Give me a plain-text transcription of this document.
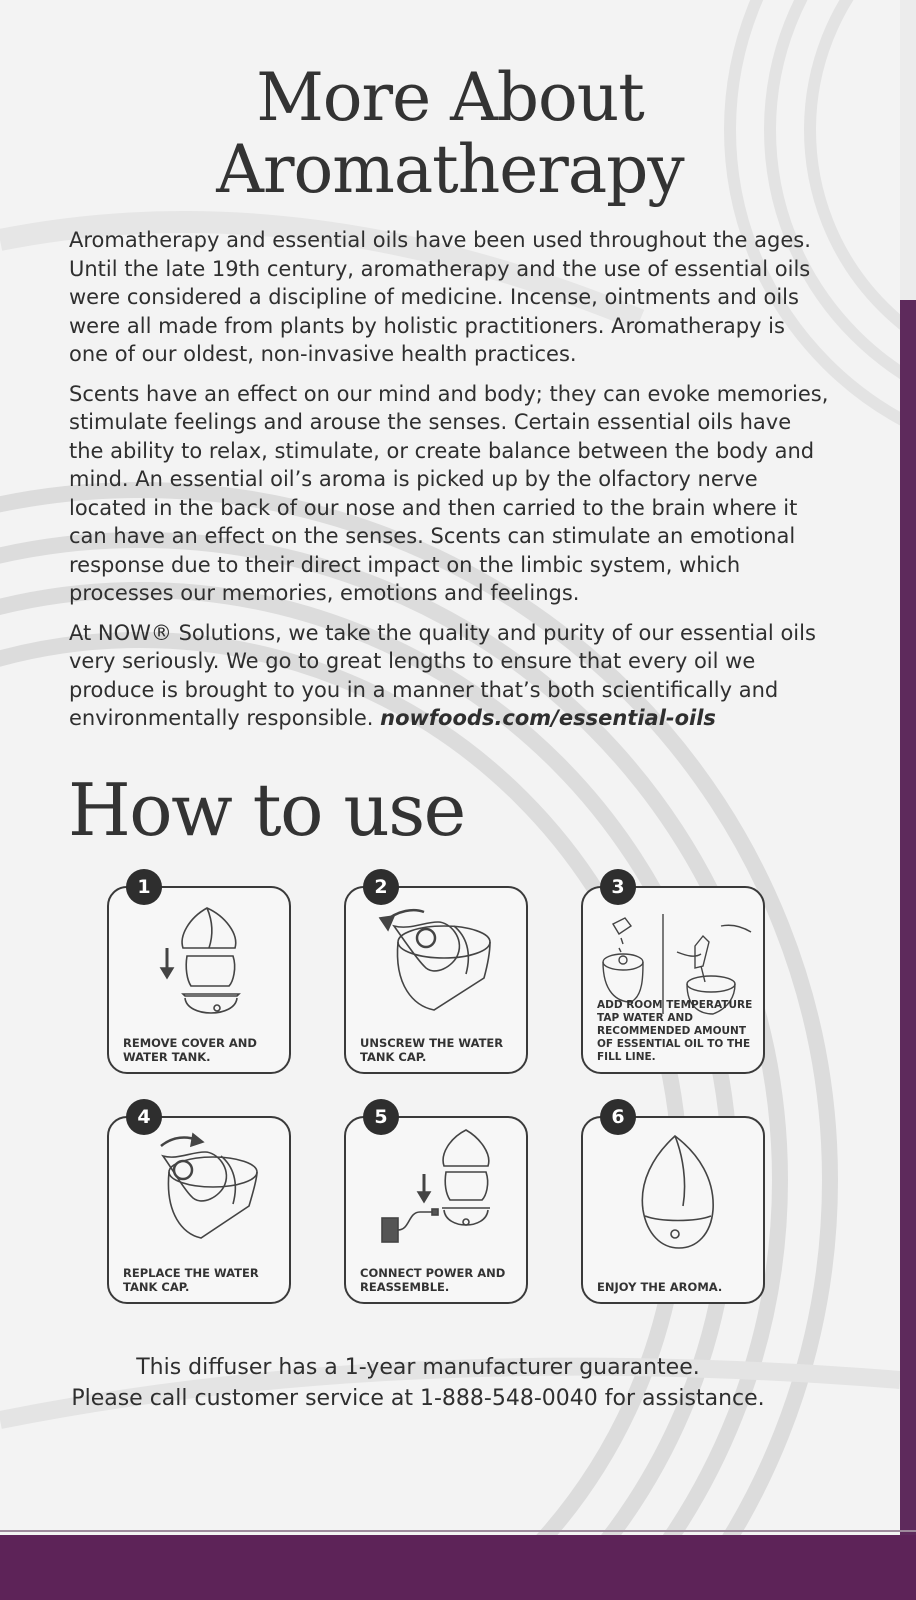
More About
Aromatherapy

Aromatherapy and essential oils have been used throughout the ages. Until the late 19th century, aromatherapy and the use of essential oils were considered a discipline of medicine. Incense, ointments and oils were all made from plants by holistic practitioners. Aromatherapy is one of our oldest, non-invasive health practices.

Scents have an effect on our mind and body; they can evoke memories, stimulate feelings and arouse the senses. Certain essential oils have the ability to relax, stimulate, or create balance between the body and mind. An essential oil’s aroma is picked up by the olfactory nerve located in the back of our nose and then carried to the brain where it can have an effect on the senses. Scents can stimulate an emotional response due to their direct impact on the limbic system, which processes our memories, emotions and feelings.

At NOW® Solutions, we take the quality and purity of our essential oils very seriously. We go to great lengths to ensure that every oil we produce is brought to you in a manner that’s both scientifically and environmentally responsible. nowfoods.com/essential-oils

How to use
1
REMOVE COVER AND WATER TANK.
2
UNSCREW THE WATER TANK CAP.
3
ADD ROOM TEMPERATURE TAP WATER AND RECOMMENDED AMOUNT OF ESSENTIAL OIL TO THE FILL LINE.
4
REPLACE THE WATER TANK CAP.
5
CONNECT POWER AND REASSEMBLE.
6
ENJOY THE AROMA.
This diffuser has a 1-year manufacturer guarantee.
Please call customer service at 1-888-548-0040 for assistance.
